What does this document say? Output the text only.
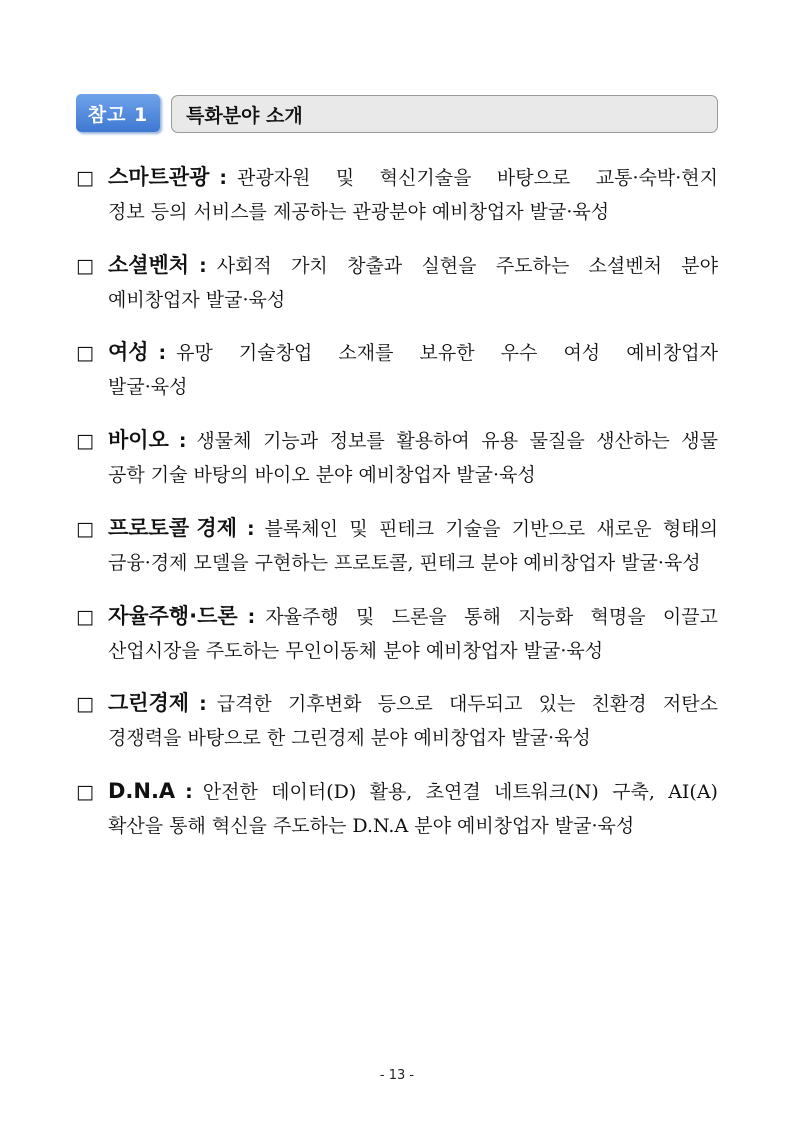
참고 1	특화분야 소개
□ 스마트관광 : 관광자원 및 혁신기술을 바탕으로 교통·숙박·현지
정보 등의 서비스를 제공하는 관광분야 예비창업자 발굴·육성
□ 소셜벤처 : 사회적 가치 창출과 실현을 주도하는 소셜벤처 분야
예비창업자 발굴·육성
□ 여성 : 유망 기술창업 소재를 보유한 우수 여성 예비창업자
발굴·육성
□ 바이오 : 생물체 기능과 정보를 활용하여 유용 물질을 생산하는 생물
공학 기술 바탕의 바이오 분야 예비창업자 발굴·육성
□ 프로토콜 경제 : 블록체인 및 핀테크 기술을 기반으로 새로운 형태의
금융·경제 모델을 구현하는 프로토콜, 핀테크 분야 예비창업자 발굴·육성
□ 자율주행·드론 : 자율주행 및 드론을 통해 지능화 혁명을 이끌고
산업시장을 주도하는 무인이동체 분야 예비창업자 발굴·육성
□ 그린경제 : 급격한 기후변화 등으로 대두되고 있는 친환경 저탄소
경쟁력을 바탕으로 한 그린경제 분야 예비창업자 발굴·육성
□ D.N.A : 안전한 데이터(D) 활용, 초연결 네트워크(N) 구축, AI(A)
확산을 통해 혁신을 주도하는 D.N.A 분야 예비창업자 발굴·육성
- 13 -
